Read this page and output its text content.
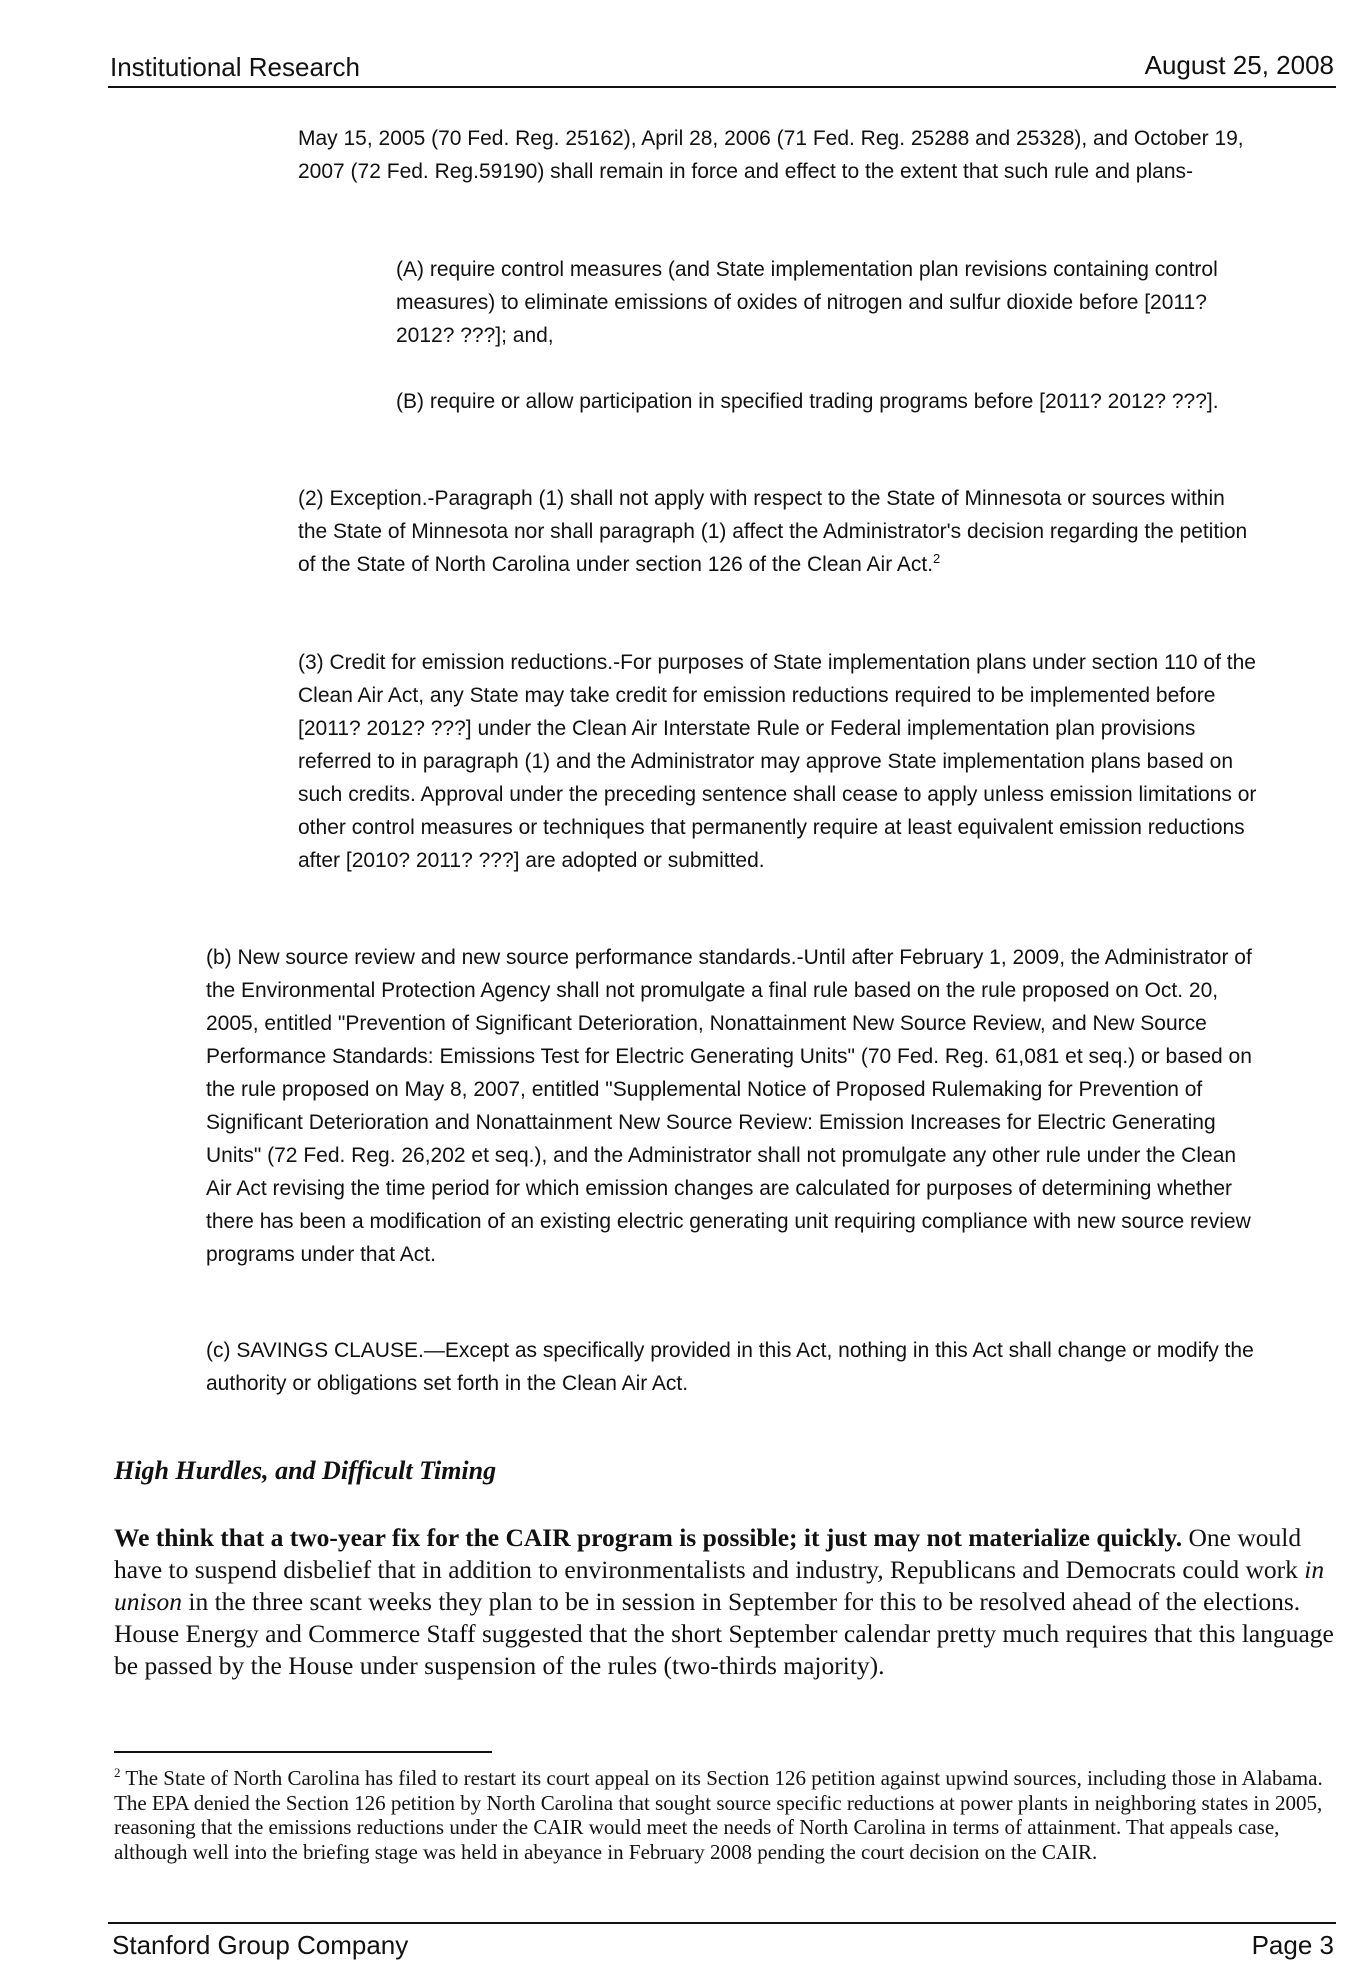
Institutional Research	August 25, 2008

May 15, 2005 (70 Fed. Reg. 25162), April 28, 2006 (71 Fed. Reg. 25288 and 25328), and October 19, 2007 (72 Fed. Reg.59190) shall remain in force and effect to the extent that such rule and plans-

(A) require control measures (and State implementation plan revisions containing control measures) to eliminate emissions of oxides of nitrogen and sulfur dioxide before [2011? 2012? ???]; and,

(B) require or allow participation in specified trading programs before [2011? 2012? ???].

(2) Exception.-Paragraph (1) shall not apply with respect to the State of Minnesota or sources within the State of Minnesota nor shall paragraph (1) affect the Administrator's decision regarding the petition of the State of North Carolina under section 126 of the Clean Air Act.$^2$

(3) Credit for emission reductions.-For purposes of State implementation plans under section 110 of the Clean Air Act, any State may take credit for emission reductions required to be implemented before [2011? 2012? ???] under the Clean Air Interstate Rule or Federal implementation plan provisions referred to in paragraph (1) and the Administrator may approve State implementation plans based on such credits. Approval under the preceding sentence shall cease to apply unless emission limitations or other control measures or techniques that permanently require at least equivalent emission reductions after [2010? 2011? ???] are adopted or submitted.

(b) New source review and new source performance standards.-Until after February 1, 2009, the Administrator of the Environmental Protection Agency shall not promulgate a final rule based on the rule proposed on Oct. 20, 2005, entitled "Prevention of Significant Deterioration, Nonattainment New Source Review, and New Source Performance Standards: Emissions Test for Electric Generating Units" (70 Fed. Reg. 61,081 et seq.) or based on the rule proposed on May 8, 2007, entitled "Supplemental Notice of Proposed Rulemaking for Prevention of Significant Deterioration and Nonattainment New Source Review: Emission Increases for Electric Generating Units" (72 Fed. Reg. 26,202 et seq.), and the Administrator shall not promulgate any other rule under the Clean Air Act revising the time period for which emission changes are calculated for purposes of determining whether there has been a modification of an existing electric generating unit requiring compliance with new source review programs under that Act.

(c) SAVINGS CLAUSE.—Except as specifically provided in this Act, nothing in this Act shall change or modify the authority or obligations set forth in the Clean Air Act.

High Hurdles, and Difficult Timing

We think that a two-year fix for the CAIR program is possible; it just may not materialize quickly. One would have to suspend disbelief that in addition to environmentalists and industry, Republicans and Democrats could work in unison in the three scant weeks they plan to be in session in September for this to be resolved ahead of the elections. House Energy and Commerce Staff suggested that the short September calendar pretty much requires that this language be passed by the House under suspension of the rules (two-thirds majority).

$^2$ The State of North Carolina has filed to restart its court appeal on its Section 126 petition against upwind sources, including those in Alabama. The EPA denied the Section 126 petition by North Carolina that sought source specific reductions at power plants in neighboring states in 2005, reasoning that the emissions reductions under the CAIR would meet the needs of North Carolina in terms of attainment. That appeals case, although well into the briefing stage was held in abeyance in February 2008 pending the court decision on the CAIR.

Stanford Group Company	Page 3
